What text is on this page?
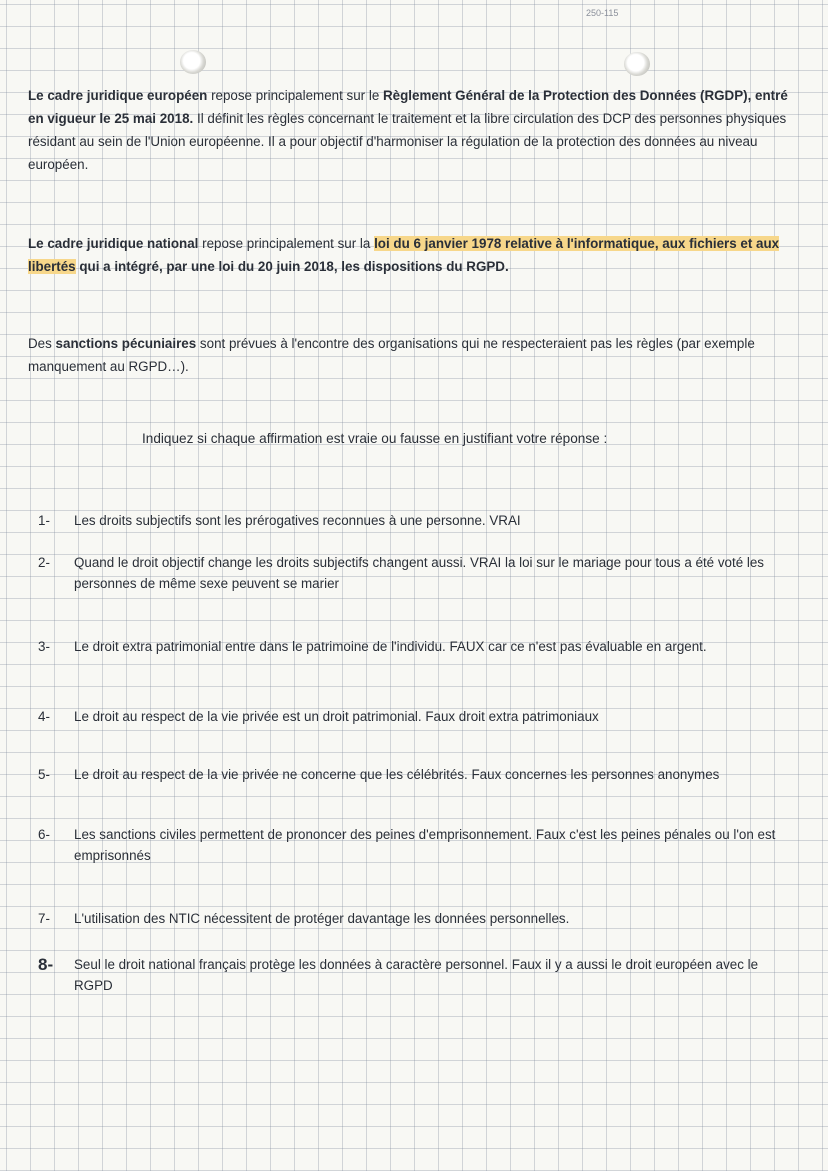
250-115
Le cadre juridique européen repose principalement sur le Règlement Général de la Protection des Données (RGDP), entré en vigueur le 25 mai 2018. Il définit les règles concernant le traitement et la libre circulation des DCP des personnes physiques résidant au sein de l'Union européenne. Il a pour objectif d'harmoniser la régulation de la protection des données au niveau européen.
Le cadre juridique national repose principalement sur la loi du 6 janvier 1978 relative à l'informatique, aux fichiers et aux libertés qui a intégré, par une loi du 20 juin 2018, les dispositions du RGPD.
Des sanctions pécuniaires sont prévues à l'encontre des organisations qui ne respecteraient pas les règles (par exemple manquement au RGPD…).
Indiquez si chaque affirmation est vraie ou fausse en justifiant votre réponse :
1-	Les droits subjectifs sont les prérogatives reconnues à une personne. VRAI
2-	Quand le droit objectif change les droits subjectifs changent aussi. VRAI la loi sur le mariage pour tous a été voté les personnes de même sexe peuvent se marier
3-	Le droit extra patrimonial entre dans le patrimoine de l'individu. FAUX car ce n'est pas évaluable en argent.
4-	Le droit au respect de la vie privée est un droit patrimonial. Faux droit extra patrimoniaux
5-	Le droit au respect de la vie privée ne concerne que les célébrités. Faux concernes les personnes anonymes
6-	Les sanctions civiles permettent de prononcer des peines d'emprisonnement. Faux c'est les peines pénales ou l'on est emprisonnés
7-	L'utilisation des NTIC nécessitent de protéger davantage les données personnelles.
8-	Seul le droit national français protège les données à caractère personnel. Faux il y a aussi le droit européen avec le RGPD
